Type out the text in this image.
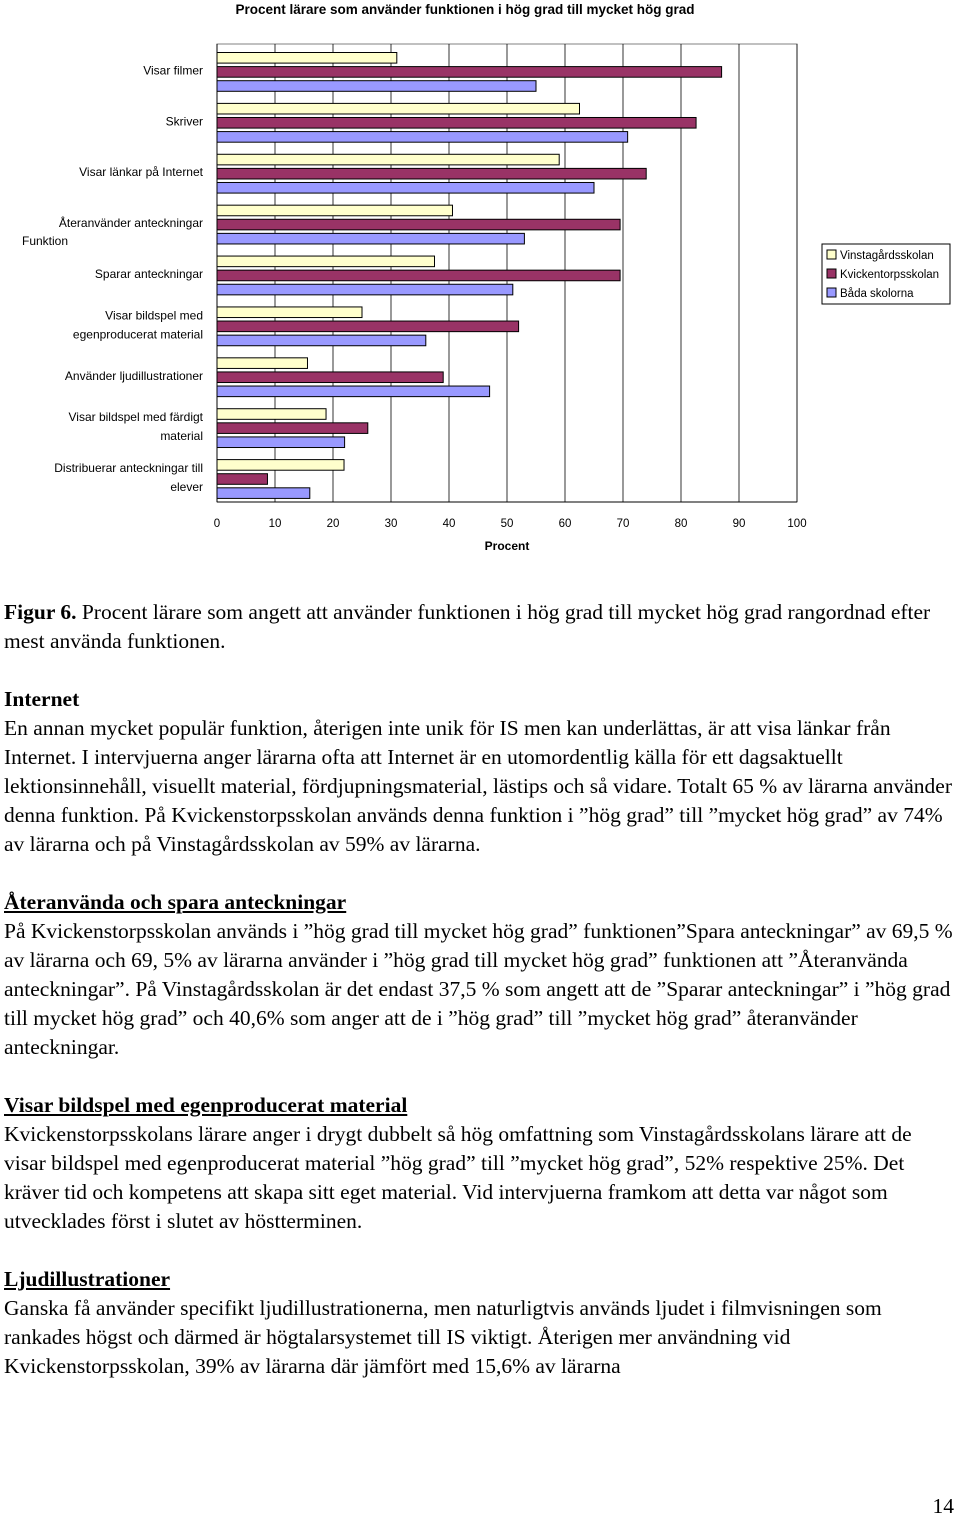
Procent lärare som använder funktionen i hög grad till mycket hög grad
0	10	20	30	40	50	60	70	80	90	100
Procent
Visar filmer
Skriver
Visar länkar på Internet
Återanvänder anteckningar
Sparar anteckningar
Visar bildspel med
egenproducerat material
Använder ljudillustrationer
Visar bildspel med färdigt
material
Distribuerar anteckningar till
elever
Funktion
Vinstagårdsskolan
Kvickentorpsskolan
Båda skolorna

Figur 6. Procent lärare som angett att använder funktionen i hög grad till mycket hög grad rangordnad efter mest använda funktionen.

Internet

En annan mycket populär funktion, återigen inte unik för IS men kan underlättas, är att visa länkar från Internet. I intervjuerna anger lärarna ofta att Internet är en utomordentlig källa för ett dagsaktuellt lektionsinnehåll, visuellt material, fördjupningsmaterial, lästips och så vidare. Totalt 65 % av lärarna använder denna funktion. På Kvickenstorpsskolan används denna funktion i ”hög grad” till ”mycket hög grad” av 74% av lärarna och på Vinstagårdsskolan av 59% av lärarna.

Återanvända och spara anteckningar

På Kvickenstorpsskolan används i ”hög grad till mycket hög grad” funktionen”Spara anteckningar” av 69,5 % av lärarna och 69, 5% av lärarna använder i ”hög grad till mycket hög grad” funktionen att ”Återanvända anteckningar”. På Vinstagårdsskolan är det endast 37,5 % som angett att de ”Sparar anteckningar” i ”hög grad till mycket hög grad” och 40,6% som anger att de i ”hög grad” till ”mycket hög grad” återanvänder anteckningar.

Visar bildspel med egenproducerat material

Kvickenstorpsskolans lärare anger i drygt dubbelt så hög omfattning som Vinstagårdsskolans lärare att de visar bildspel med egenproducerat material ”hög grad” till ”mycket hög grad”, 52% respektive 25%. Det kräver tid och kompetens att skapa sitt eget material. Vid intervjuerna framkom att detta var något som utvecklades först i slutet av höstterminen.

Ljudillustrationer

Ganska få använder specifikt ljudillustrationerna, men naturligtvis används ljudet i filmvisningen som rankades högst och därmed är högtalarsystemet till IS viktigt. Återigen mer användning vid Kvickenstorpsskolan, 39% av lärarna där jämfört med 15,6% av lärarna

14
